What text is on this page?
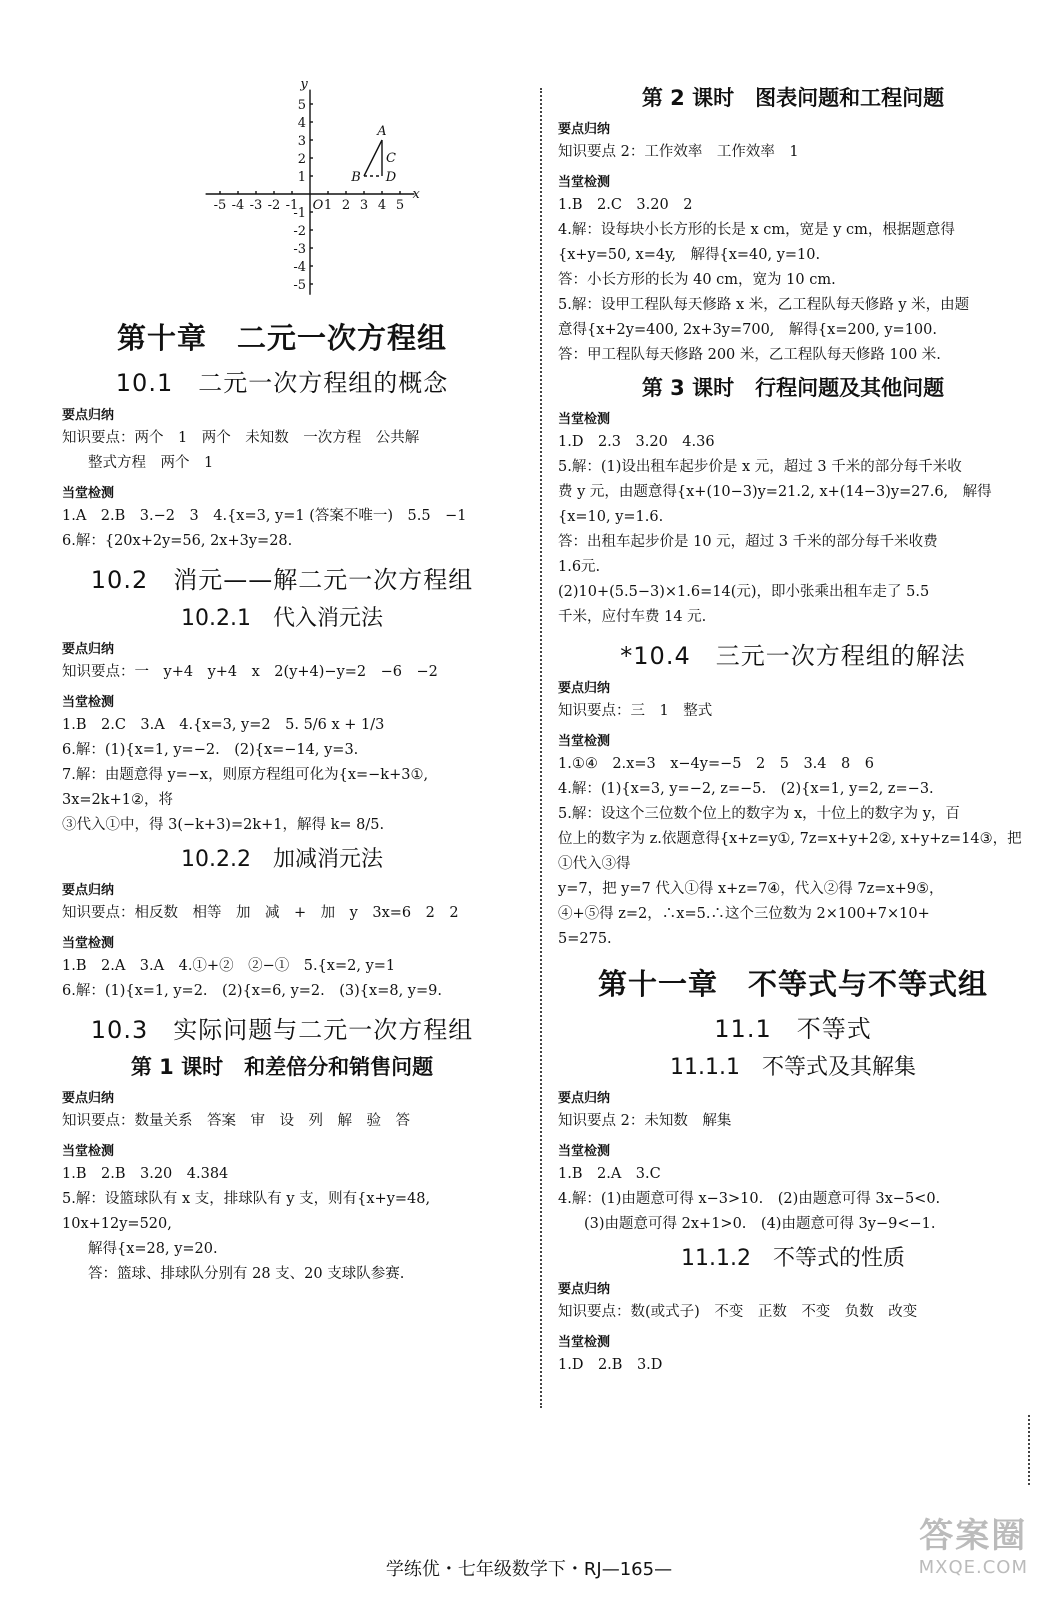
-5 -4 -3 -2 -1 1 2 3 4 5
5
4
3
2
1
-1
-2
-3
-4
-5
x
y
O
A
C
B D
第十章　二元一次方程组
10.1　二元一次方程组的概念
要点归纳
知识要点：两个　1　两个　未知数　一次方程　公共解
整式方程　两个　1
当堂检测
1.A　2.B　3.−2　3　4.{x=3, y=1 (答案不唯一)　5.5　−1
6.解：{20x+2y=56, 2x+3y=28.
10.2　消元——解二元一次方程组
10.2.1　代入消元法
要点归纳
知识要点：一　y+4　y+4　x　2(y+4)−y=2　−6　−2
当堂检测
1.B　2.C　3.A　4.{x=3, y=2　5. 5/6 x + 1/3
6.解：(1){x=1, y=−2.　(2){x=−14, y=3.
7.解：由题意得 y=−x，则原方程组可化为{x=−k+3①, 3x=2k+1②，将
③代入①中，得 3(−k+3)=2k+1，解得 k= 8/5.
10.2.2　加减消元法
要点归纳
知识要点：相反数　相等　加　减　+　加　y　3x=6　2　2
当堂检测
1.B　2.A　3.A　4.①+②　②−①　5.{x=2, y=1
6.解：(1){x=1, y=2.　(2){x=6, y=2.　(3){x=8, y=9.
10.3　实际问题与二元一次方程组
第 1 课时　和差倍分和销售问题
要点归纳
知识要点：数量关系　答案　审　设　列　解　验　答
当堂检测
1.B　2.B　3.20　4.384
5.解：设篮球队有 x 支，排球队有 y 支，则有{x+y=48, 10x+12y=520,
解得{x=28, y=20.
答：篮球、排球队分别有 28 支、20 支球队参赛.
第 2 课时　图表问题和工程问题
要点归纳
知识要点 2：工作效率　工作效率　1
当堂检测
1.B　2.C　3.20　2
4.解：设每块小长方形的长是 x cm，宽是 y cm，根据题意得
{x+y=50, x=4y,　解得{x=40, y=10.
答：小长方形的长为 40 cm，宽为 10 cm.
5.解：设甲工程队每天修路 x 米，乙工程队每天修路 y 米，由题
意得{x+2y=400, 2x+3y=700,　解得{x=200, y=100.
答：甲工程队每天修路 200 米，乙工程队每天修路 100 米.
第 3 课时　行程问题及其他问题
当堂检测
1.D　2.3　3.20　4.36
5.解：(1)设出租车起步价是 x 元，超过 3 千米的部分每千米收
费 y 元，由题意得{x+(10−3)y=21.2, x+(14−3)y=27.6,　解得{x=10, y=1.6.
答：出租车起步价是 10 元，超过 3 千米的部分每千米收费
1.6元.
(2)10+(5.5−3)×1.6=14(元)，即小张乘出租车走了 5.5
千米，应付车费 14 元.
*10.4　三元一次方程组的解法
要点归纳
知识要点：三　1　整式
当堂检测
1.①④　2.x=3　x−4y=−5　2　5　3.4　8　6
4.解：(1){x=3, y=−2, z=−5.　(2){x=1, y=2, z=−3.
5.解：设这个三位数个位上的数字为 x，十位上的数字为 y，百
位上的数字为 z.依题意得{x+z=y①, 7z=x+y+2②, x+y+z=14③，把①代入③得
y=7，把 y=7 代入①得 x+z=7④，代入②得 7z=x+9⑤，
④+⑤得 z=2，∴x=5.∴这个三位数为 2×100+7×10+
5=275.
第十一章　不等式与不等式组
11.1　不等式
11.1.1　不等式及其解集
要点归纳
知识要点 2：未知数　解集
当堂检测
1.B　2.A　3.C
4.解：(1)由题意可得 x−3>10.　(2)由题意可得 3x−5<0.
(3)由题意可得 2x+1>0.　(4)由题意可得 3y−9<−1.
11.1.2　不等式的性质
要点归纳
知识要点：数(或式子)　不变　正数　不变　负数　改变
当堂检测
1.D　2.B　3.D
学练优・七年级数学下・RJ—165—
答案圈
MXQE.COM
